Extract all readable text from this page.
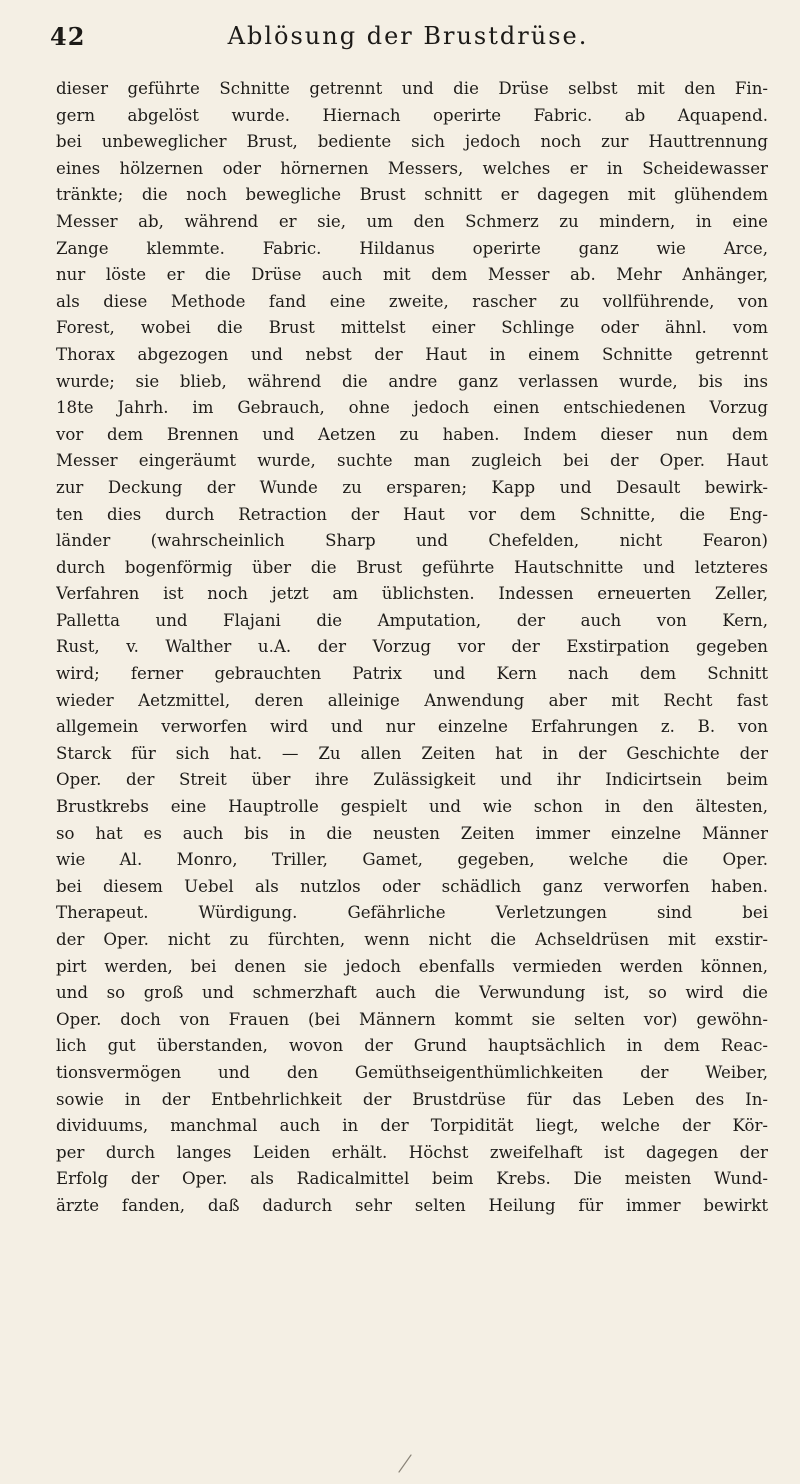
42	Ablösung der Brustdrüse.
dieser geführte Schnitte getrennt und die Drüse selbst mit den Fin-
gern abgelöst wurde. Hiernach operirte Fabric. ab Aquapend.
bei unbeweglicher Brust, bediente sich jedoch noch zur Hauttrennung
eines hölzernen oder hörnernen Messers, welches er in Scheidewasser
tränkte; die noch bewegliche Brust schnitt er dagegen mit glühendem
Messer ab, während er sie, um den Schmerz zu mindern, in eine
Zange klemmte. Fabric. Hildanus operirte ganz wie Arce,
nur löste er die Drüse auch mit dem Messer ab. Mehr Anhänger,
als diese Methode fand eine zweite, rascher zu vollführende, von
Forest, wobei die Brust mittelst einer Schlinge oder ähnl. vom
Thorax abgezogen und nebst der Haut in einem Schnitte getrennt
wurde; sie blieb, während die andre ganz verlassen wurde, bis ins
18te Jahrh. im Gebrauch, ohne jedoch einen entschiedenen Vorzug
vor dem Brennen und Aetzen zu haben. Indem dieser nun dem
Messer eingeräumt wurde, suchte man zugleich bei der Oper. Haut
zur Deckung der Wunde zu ersparen; Kapp und Desault bewirk-
ten dies durch Retraction der Haut vor dem Schnitte, die Eng-
länder (wahrscheinlich Sharp und Chefelden, nicht Fearon)
durch bogenförmig über die Brust geführte Hautschnitte und letzteres
Verfahren ist noch jetzt am üblichsten. Indessen erneuerten Zeller,
Palletta und Flajani die Amputation, der auch von Kern,
Rust, v. Walther u.A. der Vorzug vor der Exstirpation gegeben
wird; ferner gebrauchten Patrix und Kern nach dem Schnitt
wieder Aetzmittel, deren alleinige Anwendung aber mit Recht fast
allgemein verworfen wird und nur einzelne Erfahrungen z. B. von
Starck für sich hat. — Zu allen Zeiten hat in der Geschichte der
Oper. der Streit über ihre Zulässigkeit und ihr Indicirtsein beim
Brustkrebs eine Hauptrolle gespielt und wie schon in den ältesten,
so hat es auch bis in die neusten Zeiten immer einzelne Männer
wie Al. Monro, Triller, Gamet, gegeben, welche die Oper.
bei diesem Uebel als nutzlos oder schädlich ganz verworfen haben.
Therapeut. Würdigung. Gefährliche Verletzungen sind bei
der Oper. nicht zu fürchten, wenn nicht die Achseldrüsen mit exstir-
pirt werden, bei denen sie jedoch ebenfalls vermieden werden können,
und so groß und schmerzhaft auch die Verwundung ist, so wird die
Oper. doch von Frauen (bei Männern kommt sie selten vor) gewöhn-
lich gut überstanden, wovon der Grund hauptsächlich in dem Reac-
tionsvermögen und den Gemüthseigenthümlichkeiten der Weiber,
sowie in der Entbehrlichkeit der Brustdrüse für das Leben des In-
dividuums, manchmal auch in der Torpidität liegt, welche der Kör-
per durch langes Leiden erhält. Höchst zweifelhaft ist dagegen der
Erfolg der Oper. als Radicalmittel beim Krebs. Die meisten Wund-
ärzte fanden, daß dadurch sehr selten Heilung für immer bewirkt
